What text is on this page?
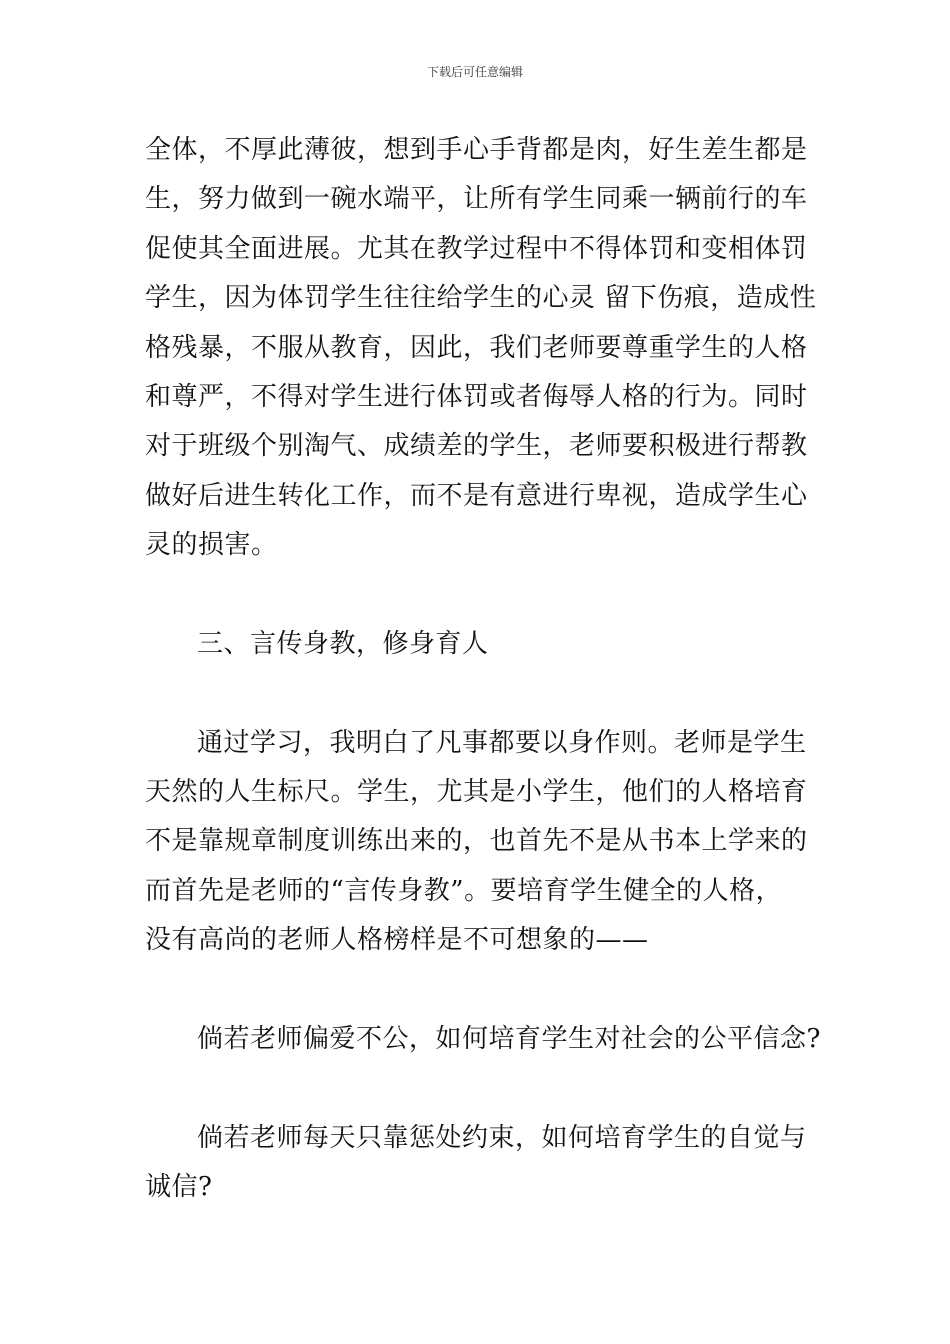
下载后可任意编辑
全体，不厚此薄彼，想到手心手背都是肉，好生差生都是
生，努力做到一碗水端平，让所有学生同乘一辆前行的车
促使其全面进展。尤其在教学过程中不得体罚和变相体罚
学生，因为体罚学生往往给学生的心灵 留下伤痕，造成性
格残暴，不服从教育，因此，我们老师要尊重学生的人格
和尊严，不得对学生进行体罚或者侮辱人格的行为。同时
对于班级个别淘气、成绩差的学生，老师要积极进行帮教
做好后进生转化工作，而不是有意进行卑视，造成学生心
灵的损害。
三、言传身教，修身育人
通过学习，我明白了凡事都要以身作则。老师是学生
天然的人生标尺。学生，尤其是小学生，他们的人格培育
不是靠规章制度训练出来的，也首先不是从书本上学来的
而首先是老师的“言传身教”。要培育学生健全的人格，
没有高尚的老师人格榜样是不可想象的——
倘若老师偏爱不公，如何培育学生对社会的公平信念?
倘若老师每天只靠惩处约束，如何培育学生的自觉与
诚信?
